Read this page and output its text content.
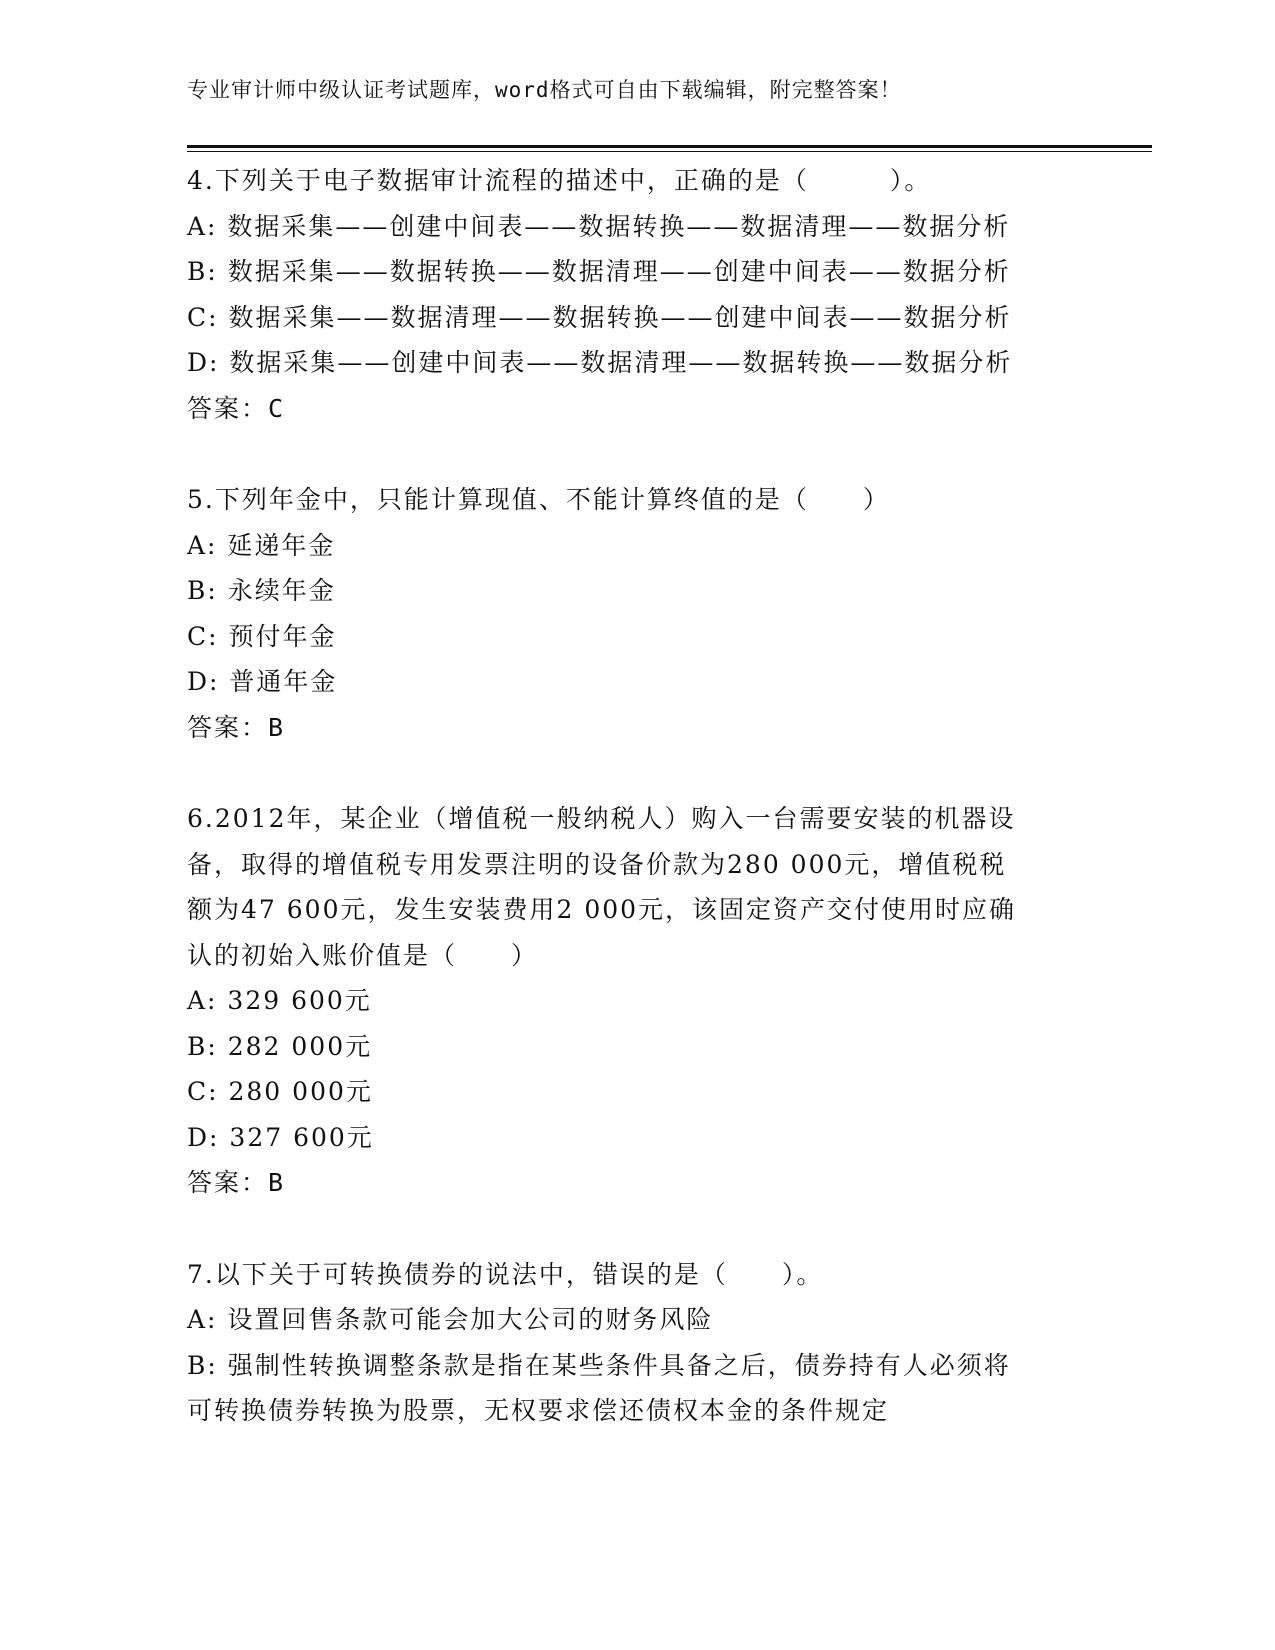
专业审计师中级认证考试题库，word格式可自由下载编辑，附完整答案！
4.下列关于电子数据审计流程的描述中，正确的是（　　　）。
A: 数据采集——创建中间表——数据转换——数据清理——数据分析
B: 数据采集——数据转换——数据清理——创建中间表——数据分析
C: 数据采集——数据清理——数据转换——创建中间表——数据分析
D: 数据采集——创建中间表——数据清理——数据转换——数据分析
答案：C
5.下列年金中，只能计算现值、不能计算终值的是（　　）
A: 延递年金
B: 永续年金
C: 预付年金
D: 普通年金
答案：B
6.2012年，某企业（增值税一般纳税人）购入一台需要安装的机器设
备，取得的增值税专用发票注明的设备价款为280 000元，增值税税
额为47 600元，发生安装费用2 000元，该固定资产交付使用时应确
认的初始入账价值是（　　）
A: 329 600元
B: 282 000元
C: 280 000元
D: 327 600元
答案：B
7.以下关于可转换债券的说法中，错误的是（　　）。
A: 设置回售条款可能会加大公司的财务风险
B: 强制性转换调整条款是指在某些条件具备之后，债券持有人必须将
可转换债券转换为股票，无权要求偿还债权本金的条件规定
